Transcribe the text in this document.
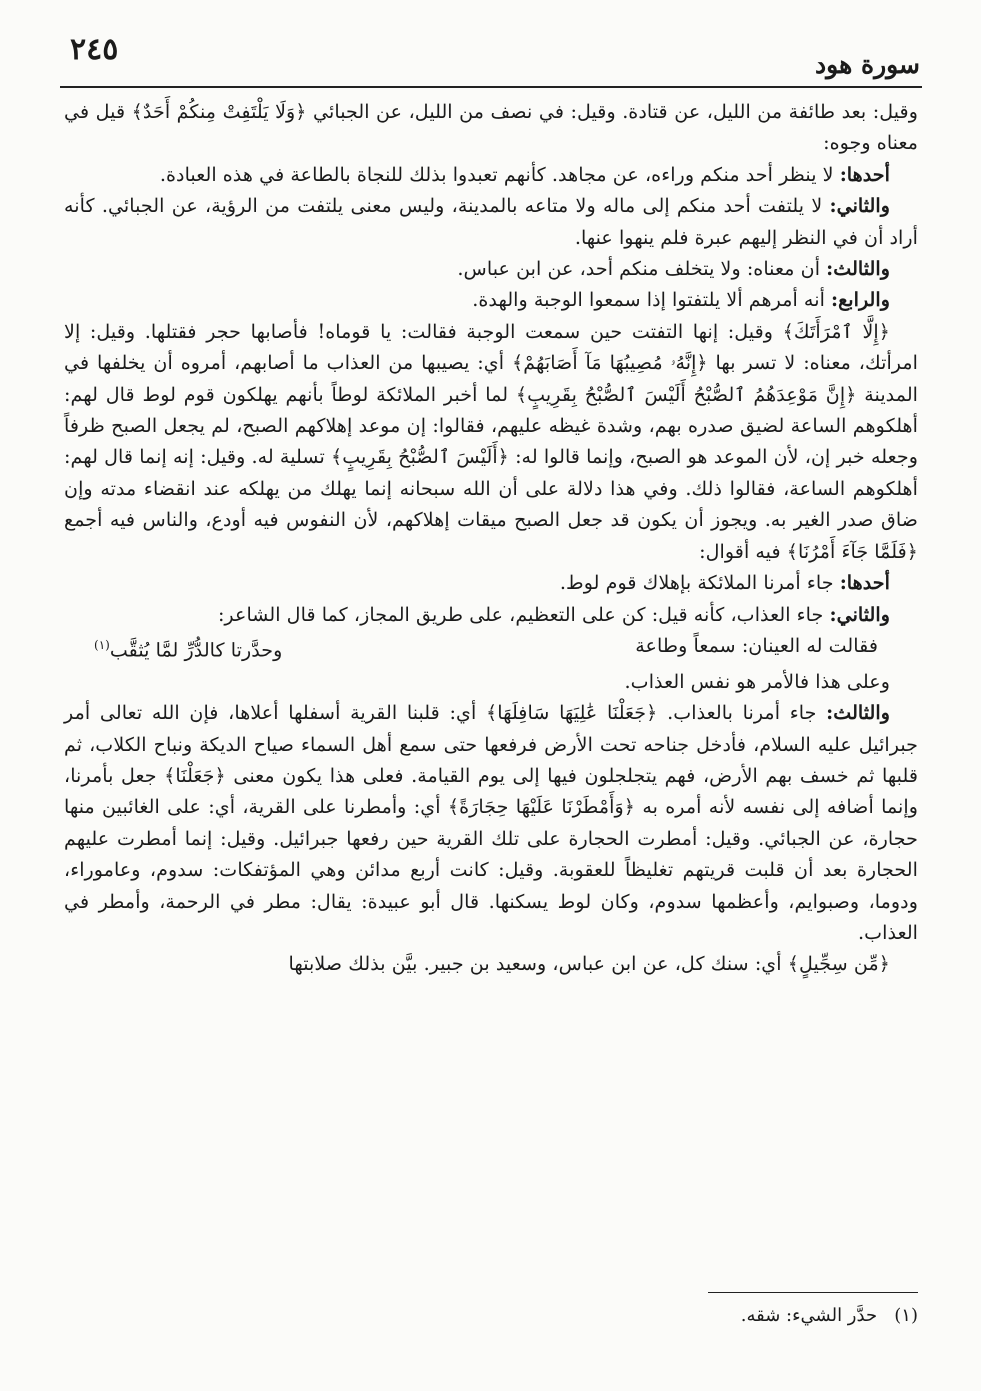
سورة هود
٢٤٥

وقيل: بعد طائفة من الليل، عن قتادة. وقيل: في نصف من الليل، عن الجبائي ﴿وَلَا يَلْتَفِتْ مِنكُمْ أَحَدٌ﴾ قيل في معناه وجوه:

أحدها: لا ينظر أحد منكم وراءه، عن مجاهد. كأنهم تعبدوا بذلك للنجاة بالطاعة في هذه العبادة.

والثاني: لا يلتفت أحد منكم إلى ماله ولا متاعه بالمدينة، وليس معنى يلتفت من الرؤية، عن الجبائي. كأنه أراد أن في النظر إليهم عبرة فلم ينهوا عنها.

والثالث: أن معناه: ولا يتخلف منكم أحد، عن ابن عباس.

والرابع: أنه أمرهم ألا يلتفتوا إذا سمعوا الوجبة والهدة.

﴿إِلَّا ٱمْرَأَتَكَ﴾ وقيل: إنها التفتت حين سمعت الوجبة فقالت: يا قوماه! فأصابها حجر فقتلها. وقيل: إلا امرأتك، معناه: لا تسر بها ﴿إِنَّهُۥ مُصِيبُهَا مَآ أَصَابَهُمْ﴾ أي: يصيبها من العذاب ما أصابهم، أمروه أن يخلفها في المدينة ﴿إِنَّ مَوْعِدَهُمُ ٱلصُّبْحُ أَلَيْسَ ٱلصُّبْحُ بِقَرِيبٍ﴾ لما أخبر الملائكة لوطاً بأنهم يهلكون قوم لوط قال لهم: أهلكوهم الساعة لضيق صدره بهم، وشدة غيظه عليهم، فقالوا: إن موعد إهلاكهم الصبح، لم يجعل الصبح ظرفاً وجعله خبر إن، لأن الموعد هو الصبح، وإنما قالوا له: ﴿أَلَيْسَ ٱلصُّبْحُ بِقَرِيبٍ﴾ تسلية له. وقيل: إنه إنما قال لهم: أهلكوهم الساعة، فقالوا ذلك. وفي هذا دلالة على أن الله سبحانه إنما يهلك من يهلكه عند انقضاء مدته وإن ضاق صدر الغير به. ويجوز أن يكون قد جعل الصبح ميقات إهلاكهم، لأن النفوس فيه أودع، والناس فيه أجمع ﴿فَلَمَّا جَآءَ أَمْرُنَا﴾ فيه أقوال:

أحدها: جاء أمرنا الملائكة بإهلاك قوم لوط.

والثاني: جاء العذاب، كأنه قيل: كن على التعظيم، على طريق المجاز، كما قال الشاعر:

فقالت له العينان: سمعاً وطاعة
وحدَّرتا كالدُّرِّ لمَّا يُثقَّب$^{(١)}$

وعلى هذا فالأمر هو نفس العذاب.

والثالث: جاء أمرنا بالعذاب. ﴿جَعَلْنَا عَٰلِيَهَا سَافِلَهَا﴾ أي: قلبنا القرية أسفلها أعلاها، فإن الله تعالى أمر جبرائيل عليه السلام، فأدخل جناحه تحت الأرض فرفعها حتى سمع أهل السماء صياح الديكة ونباح الكلاب، ثم قلبها ثم خسف بهم الأرض، فهم يتجلجلون فيها إلى يوم القيامة. فعلى هذا يكون معنى ﴿جَعَلْنَا﴾ جعل بأمرنا، وإنما أضافه إلى نفسه لأنه أمره به ﴿وَأَمْطَرْنَا عَلَيْهَا حِجَارَةً﴾ أي: وأمطرنا على القرية، أي: على الغائبين منها حجارة، عن الجبائي. وقيل: أمطرت الحجارة على تلك القرية حين رفعها جبرائيل. وقيل: إنما أمطرت عليهم الحجارة بعد أن قلبت قريتهم تغليظاً للعقوبة. وقيل: كانت أربع مدائن وهي المؤتفكات: سدوم، وعاموراء، ودوما، وصبوايم، وأعظمها سدوم، وكان لوط يسكنها. قال أبو عبيدة: يقال: مطر في الرحمة، وأمطر في العذاب.

﴿مِّن سِجِّيلٍ﴾ أي: سنك كل، عن ابن عباس، وسعيد بن جبير. بيَّن بذلك صلابتها

(١)   حدَّر الشيء: شقه.
